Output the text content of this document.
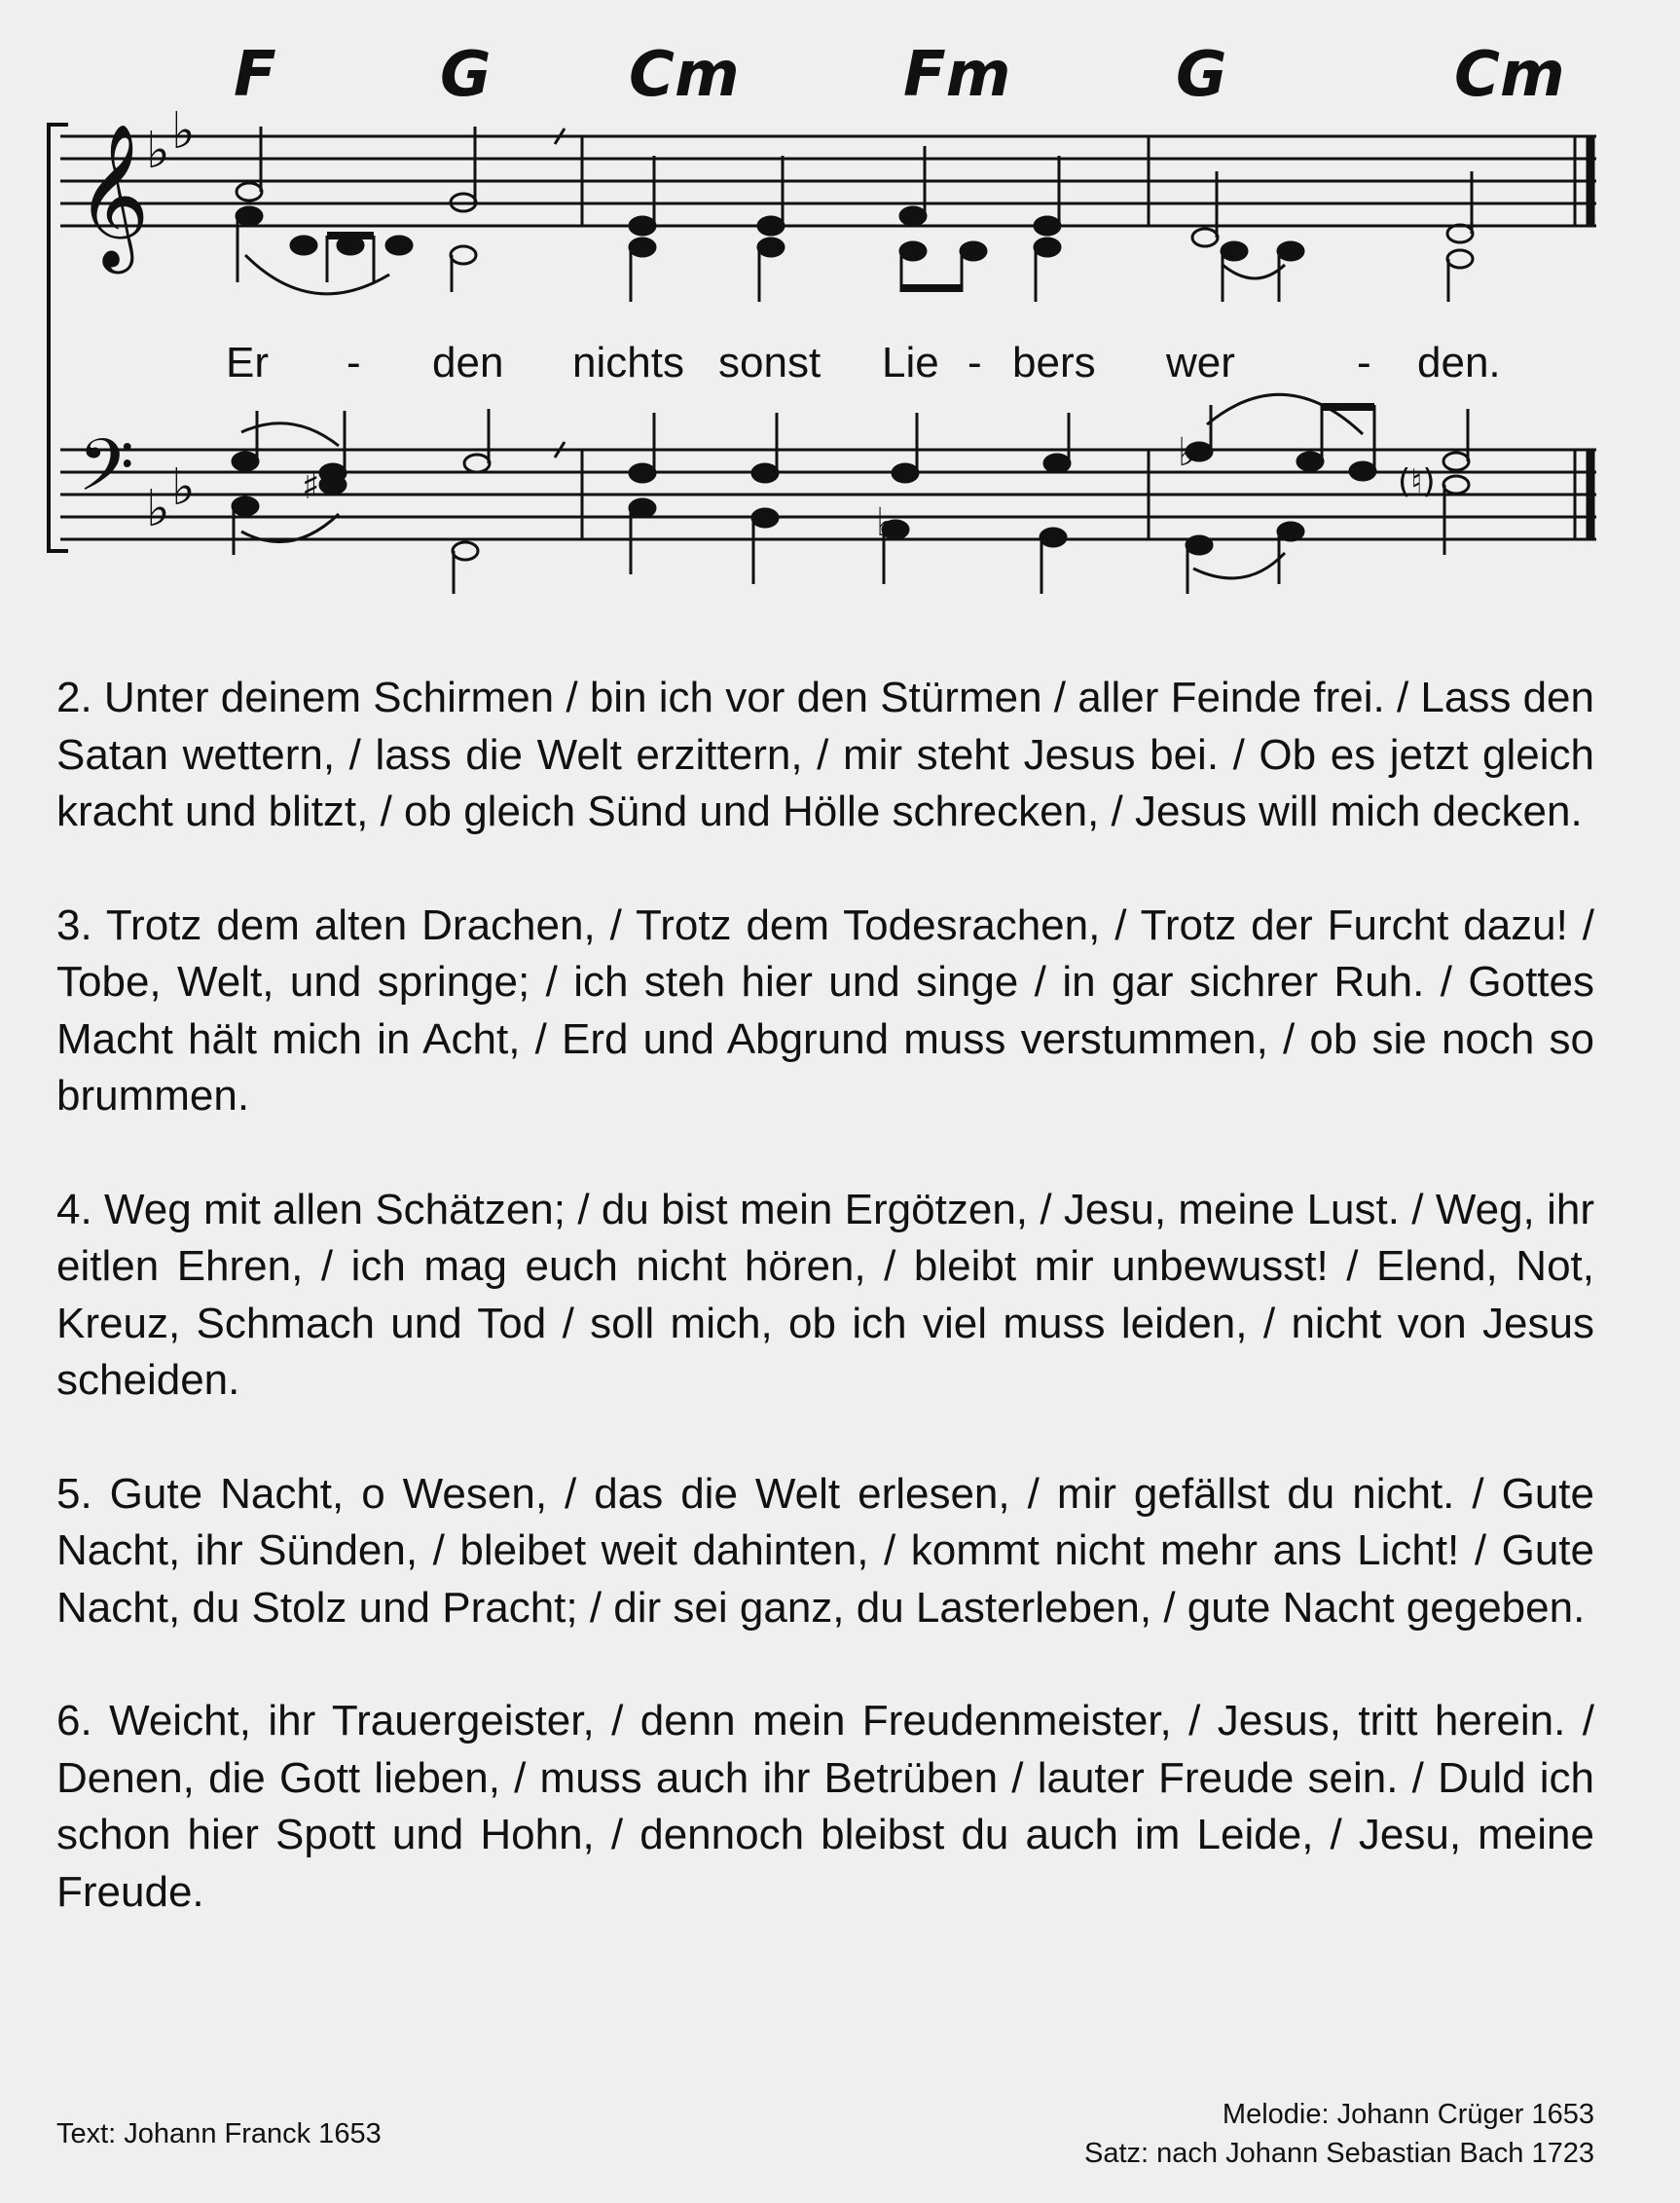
F	G Cm	Fm	G	Cm
𝄞
♭ ♭
𝄢 ♭ ♭
♭
♭
(♮)
♯
Er - den nichts sonst Lie - bers wer	- den.

2. Unter deinem Schirmen / bin ich vor den Stürmen / aller Feinde frei. / Lass den Satan wettern, / lass die Welt erzittern, / mir steht Jesus bei. / Ob es jetzt gleich kracht und blitzt, / ob gleich Sünd und Hölle schrecken, / Jesus will mich decken.

3. Trotz dem alten Drachen, / Trotz dem Todesrachen, / Trotz der Furcht dazu! / Tobe, Welt, und springe; / ich steh hier und singe / in gar sichrer Ruh. / Gottes Macht hält mich in Acht, / Erd und Abgrund muss verstummen, / ob sie noch so brummen.

4. Weg mit allen Schätzen; / du bist mein Ergötzen, / Jesu, meine Lust. / Weg, ihr eitlen Ehren, / ich mag euch nicht hören, / bleibt mir unbewusst! / Elend, Not, Kreuz, Schmach und Tod / soll mich, ob ich viel muss leiden, / nicht von Jesus scheiden.

5. Gute Nacht, o Wesen, / das die Welt erlesen, / mir gefällst du nicht. / Gute Nacht, ihr Sünden, / bleibet weit dahinten, / kommt nicht mehr ans Licht! / Gute Nacht, du Stolz und Pracht; / dir sei ganz, du Lasterleben, / gute Nacht gegeben.

6. Weicht, ihr Trauergeister, / denn mein Freudenmeister, / Jesus, tritt herein. / Denen, die Gott lieben, / muss auch ihr Betrüben / lauter Freude sein. / Duld ich schon hier Spott und Hohn, / dennoch bleibst du auch im Leide, / Jesu, meine Freude.

Text: Johann Franck 1653
Melodie: Johann Crüger 1653
Satz: nach Johann Sebastian Bach 1723
